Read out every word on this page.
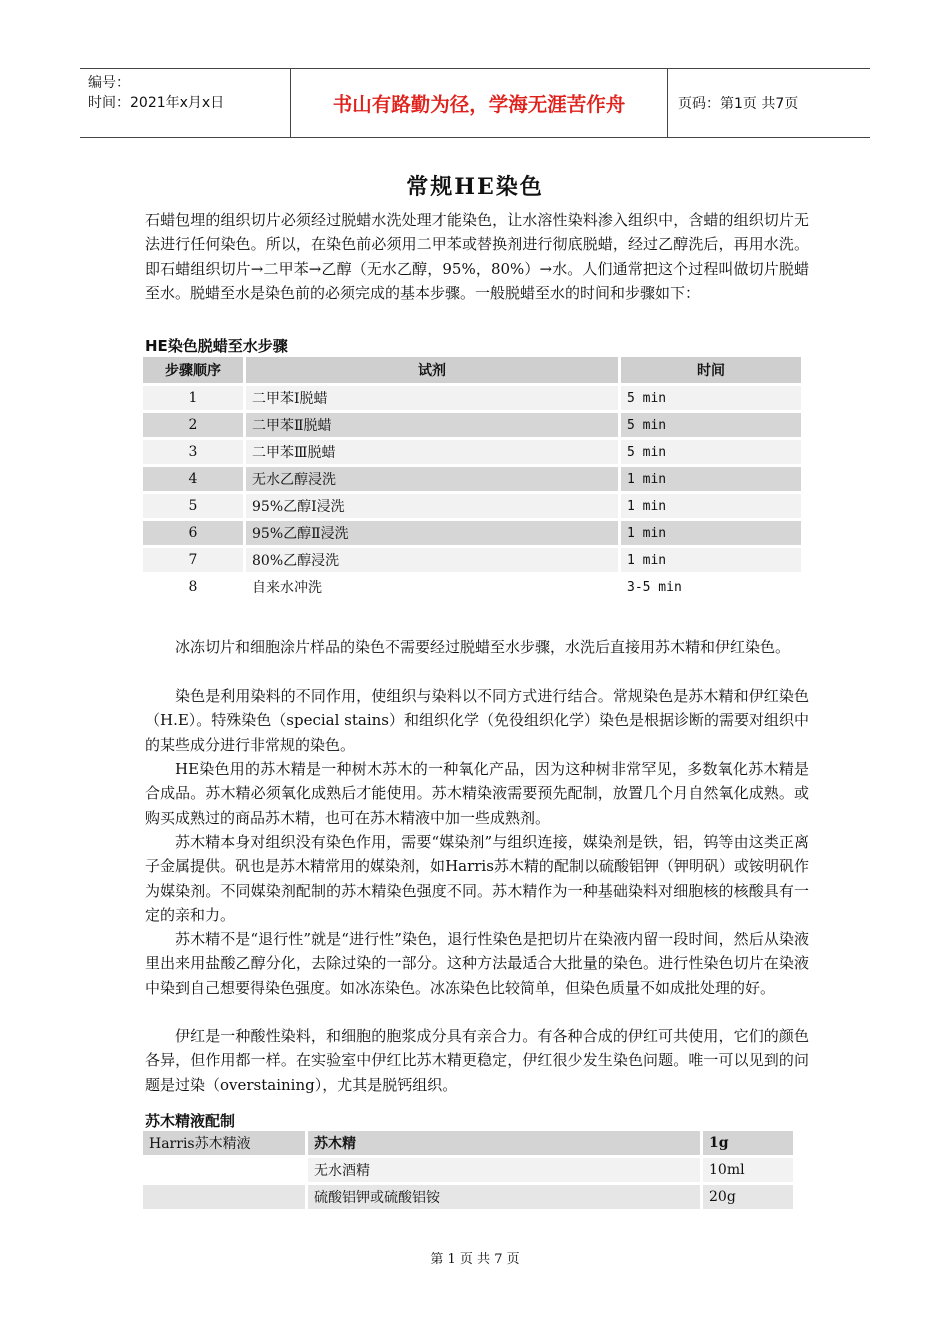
编号：
时间：2021年x月x日	书山有路勤为径，学海无涯苦作舟	页码：第1页 共7页
常规HE染色

石蜡包埋的组织切片必须经过脱蜡水洗处理才能染色，让水溶性染料渗入组织中，含蜡的组织切片无法进行任何染色。所以，在染色前必须用二甲苯或替换剂进行彻底脱蜡，经过乙醇洗后，再用水洗。即石蜡组织切片→二甲苯→乙醇（无水乙醇，95%，80%）→水。人们通常把这个过程叫做切片脱蜡至水。脱蜡至水是染色前的必须完成的基本步骤。一般脱蜡至水的时间和步骤如下：

HE染色脱蜡至水步骤
步骤顺序	试剂	时间
1	二甲苯Ⅰ脱蜡	5 min
2	二甲苯Ⅱ脱蜡	5 min
3	二甲苯Ⅲ脱蜡	5 min
4	无水乙醇浸洗	1 min
5	95%乙醇Ⅰ浸洗	1 min
6	95%乙醇Ⅱ浸洗	1 min
7	80%乙醇浸洗	1 min
8	自来水冲洗	3-5 min

冰冻切片和细胞涂片样品的染色不需要经过脱蜡至水步骤，水洗后直接用苏木精和伊红染色。

染色是利用染料的不同作用，使组织与染料以不同方式进行结合。常规染色是苏木精和伊红染色（H.E）。特殊染色（special stains）和组织化学（免役组织化学）染色是根据诊断的需要对组织中的某些成分进行非常规的染色。

HE染色用的苏木精是一种树木苏木的一种氧化产品，因为这种树非常罕见，多数氧化苏木精是合成品。苏木精必须氧化成熟后才能使用。苏木精染液需要预先配制，放置几个月自然氧化成熟。或购买成熟过的商品苏木精，也可在苏木精液中加一些成熟剂。

苏木精本身对组织没有染色作用，需要“媒染剂”与组织连接，媒染剂是铁，铝，钨等由这类正离子金属提供。矾也是苏木精常用的媒染剂，如Harris苏木精的配制以硫酸铝钾（钾明矾）或铵明矾作为媒染剂。不同媒染剂配制的苏木精染色强度不同。苏木精作为一种基础染料对细胞核的核酸具有一定的亲和力。

苏木精不是“退行性”就是“进行性”染色，退行性染色是把切片在染液内留一段时间，然后从染液里出来用盐酸乙醇分化，去除过染的一部分。这种方法最适合大批量的染色。进行性染色切片在染液中染到自己想要得染色强度。如冰冻染色。冰冻染色比较简单，但染色质量不如成批处理的好。

伊红是一种酸性染料，和细胞的胞浆成分具有亲合力。有各种合成的伊红可共使用，它们的颜色各异，但作用都一样。在实验室中伊红比苏木精更稳定，伊红很少发生染色问题。唯一可以见到的问题是过染（overstaining），尤其是脱钙组织。

苏木精液配制
Harris苏木精液	苏木精	1g
	无水酒精	10ml
	硫酸铝钾或硫酸铝铵	20g
第 1 页 共 7 页
